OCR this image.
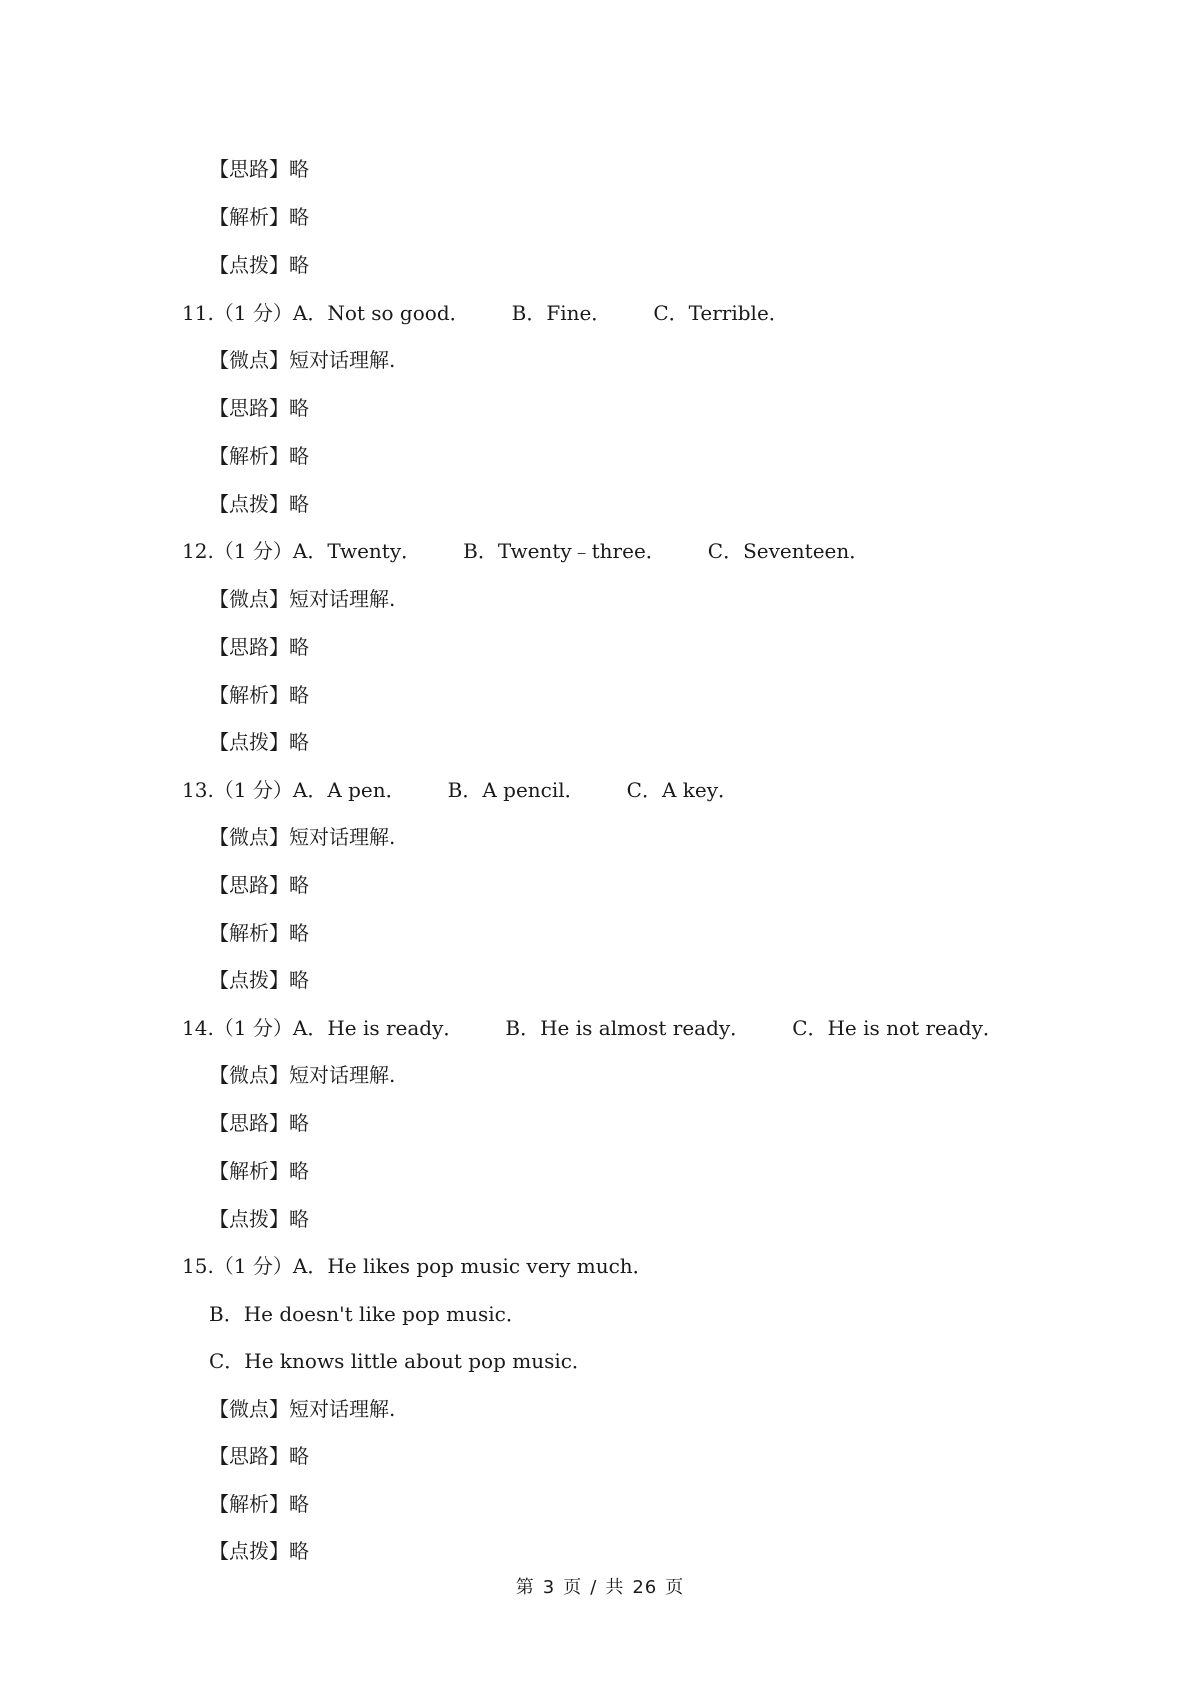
【思路】略
【解析】略
【点拨】略
11.（1 分）A．Not so good． B．Fine． C．Terrible．
【微点】短对话理解.
【思路】略
【解析】略
【点拨】略
12.（1 分）A．Twenty． B．Twenty﹣three． C．Seventeen．
【微点】短对话理解.
【思路】略
【解析】略
【点拨】略
13.（1 分）A．A pen． B．A pencil． C．A key．
【微点】短对话理解.
【思路】略
【解析】略
【点拨】略
14.（1 分）A．He is ready． B．He is almost ready． C．He is not ready．
【微点】短对话理解.
【思路】略
【解析】略
【点拨】略
15.（1 分）A．He likes pop music very much．
B．He doesn't like pop music．
C．He knows little about pop music．
【微点】短对话理解.
【思路】略
【解析】略
【点拨】略
第 3 页 / 共 26 页
